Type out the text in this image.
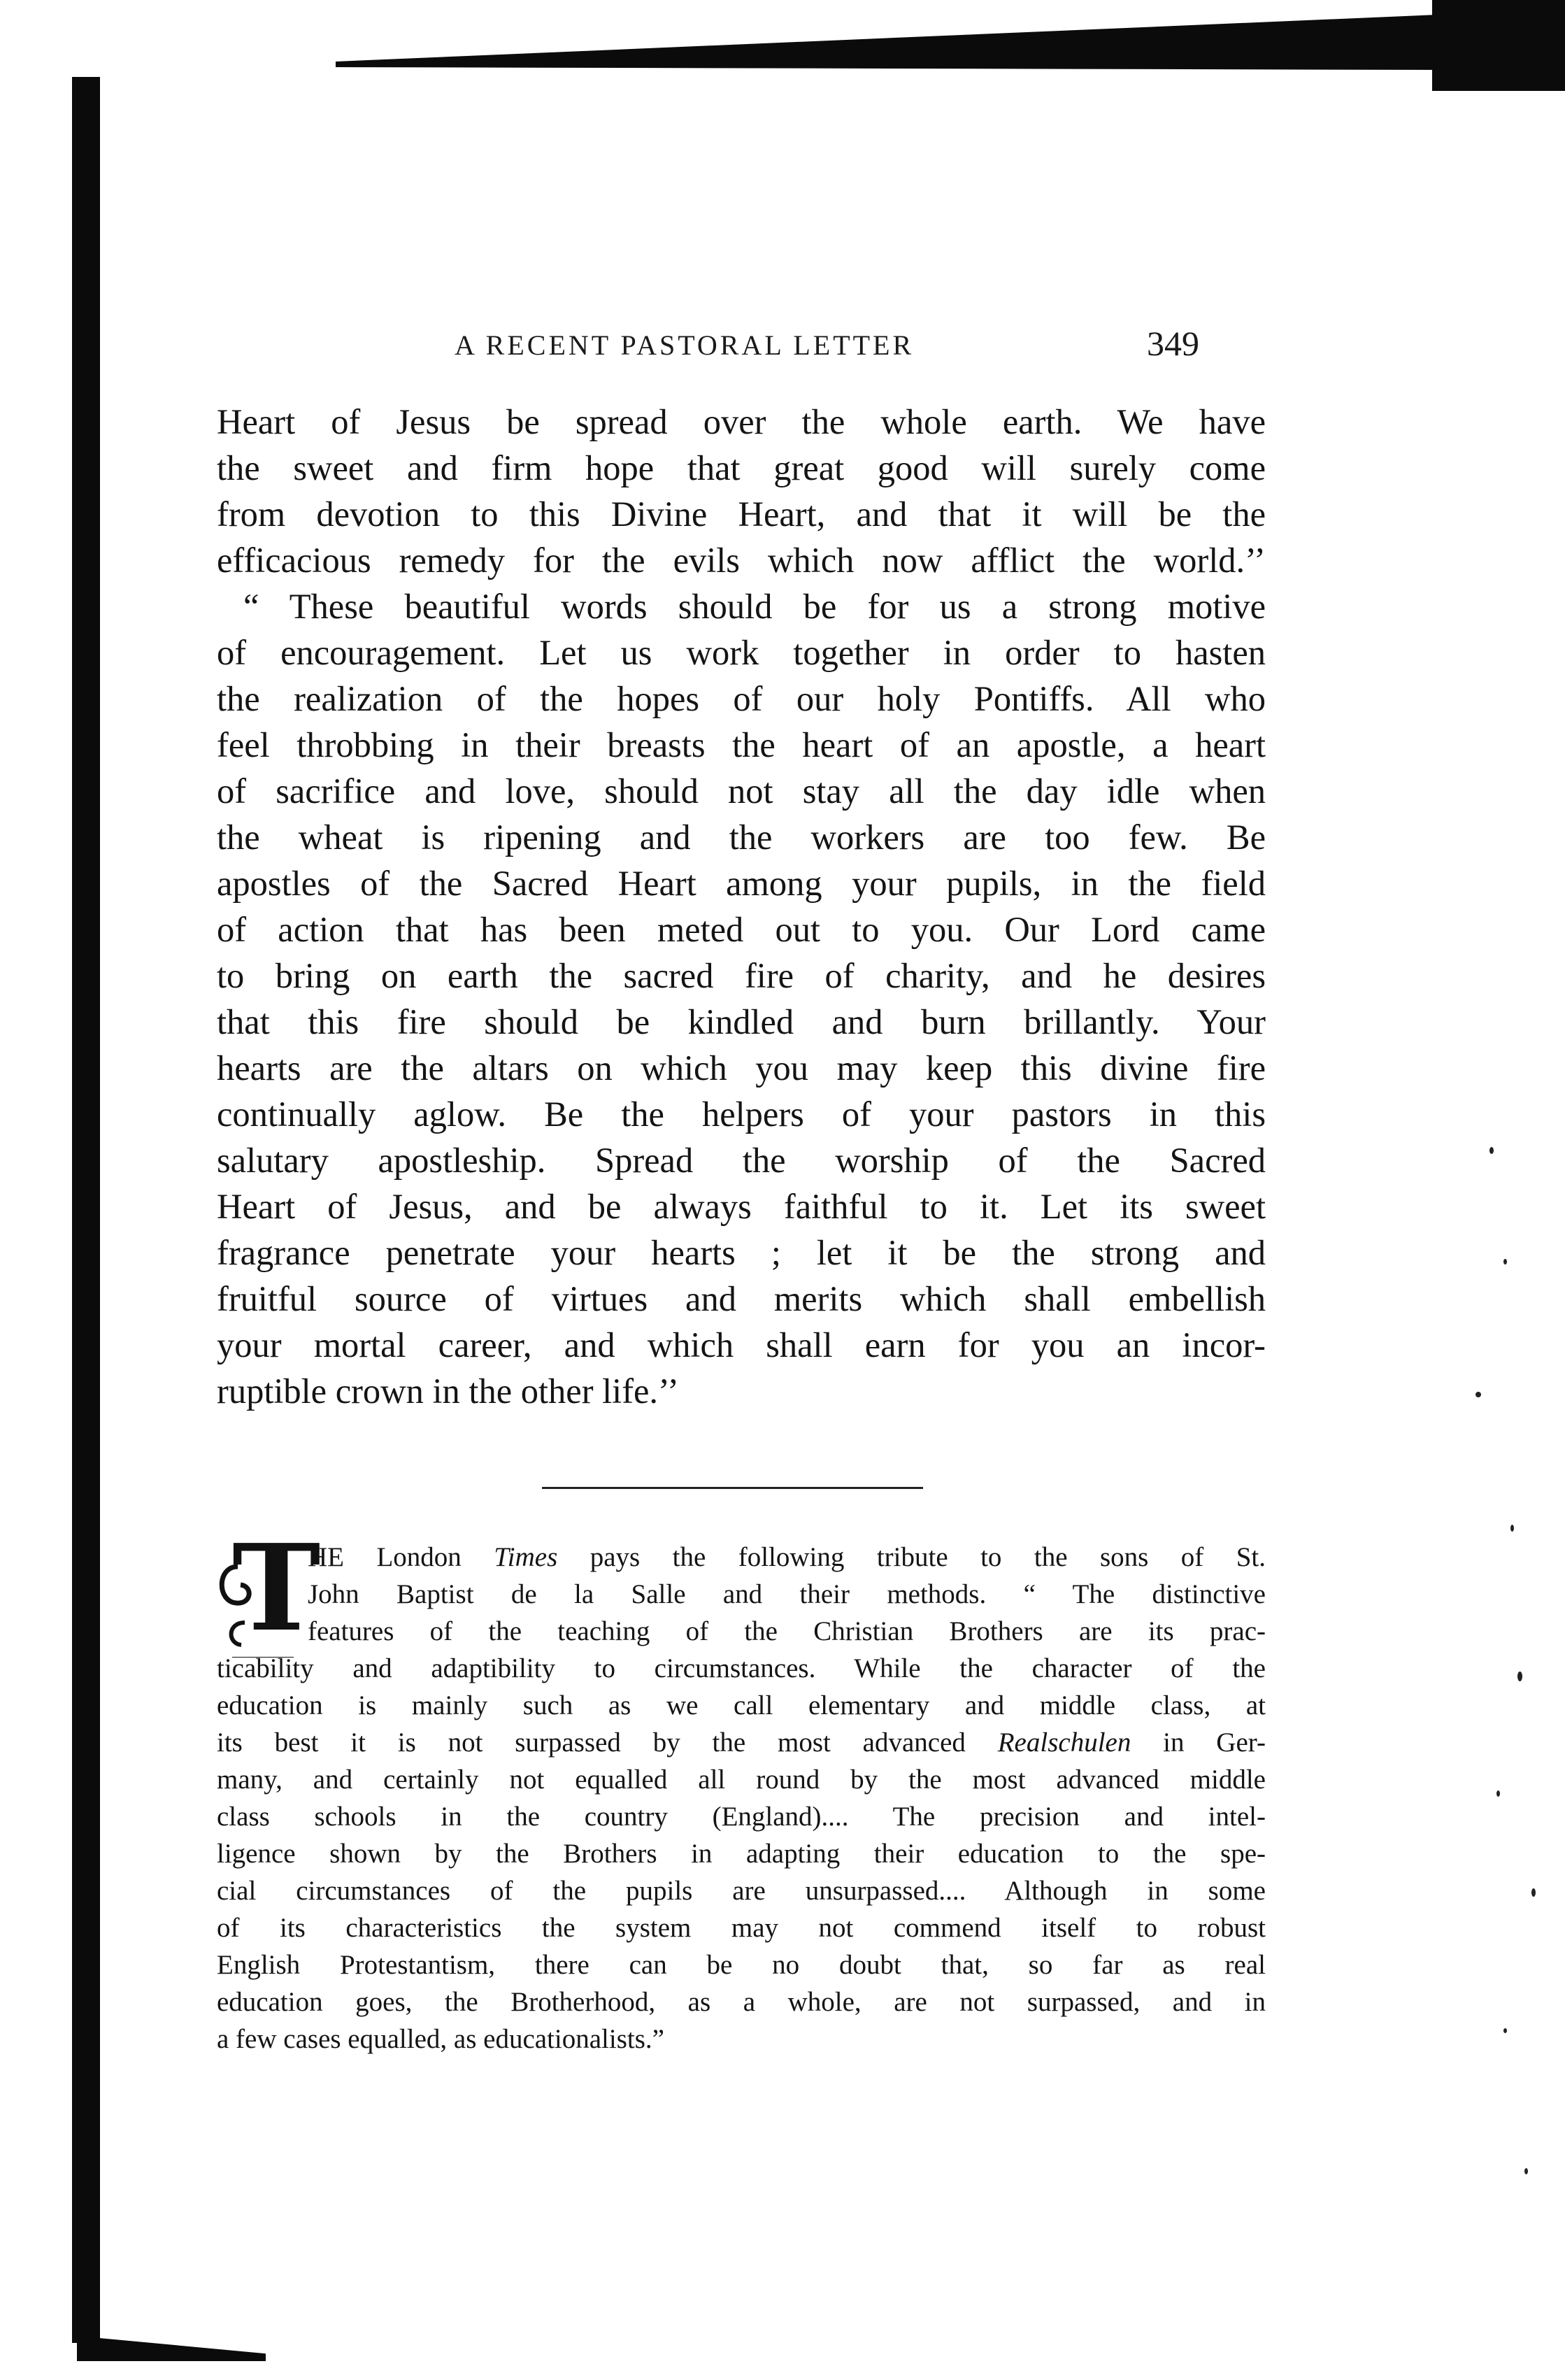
A RECENT PASTORAL LETTER	349
Heart of Jesus be spread over the whole earth. We have
the sweet and firm hope that great good will surely come
from devotion to this Divine Heart, and that it will be the
efficacious remedy for the evils which now afflict the world.’’
“ These beautiful words should be for us a strong motive
of encouragement. Let us work together in order to hasten
the realization of the hopes of our holy Pontiffs. All who
feel throbbing in their breasts the heart of an apostle, a heart
of sacrifice and love, should not stay all the day idle when
the wheat is ripening and the workers are too few. Be
apostles of the Sacred Heart among your pupils, in the field
of action that has been meted out to you. Our Lord came
to bring on earth the sacred fire of charity, and he desires
that this fire should be kindled and burn brillantly. Your
hearts are the altars on which you may keep this divine fire
continually aglow. Be the helpers of your pastors in this
salutary apostleship. Spread the worship of the Sacred
Heart of Jesus, and be always faithful to it. Let its sweet
fragrance penetrate your hearts ; let it be the strong and
fruitful source of virtues and merits which shall embellish
your mortal career, and which shall earn for you an incor-
ruptible crown in the other life.’’
T
HE London Times pays the following tribute to the sons of St.
John Baptist de la Salle and their methods. “ The distinctive
features of the teaching of the Christian Brothers are its prac-
ticability and adaptibility to circumstances. While the character of the
education is mainly such as we call elementary and middle class, at
its best it is not surpassed by the most advanced Realschulen in Ger-
many, and certainly not equalled all round by the most advanced middle
class schools in the country (England).... The precision and intel-
ligence shown by the Brothers in adapting their education to the spe-
cial circumstances of the pupils are unsurpassed.... Although in some
of its characteristics the system may not commend itself to robust
English Protestantism, there can be no doubt that, so far as real
education goes, the Brotherhood, as a whole, are not surpassed, and in
a few cases equalled, as educationalists.”
